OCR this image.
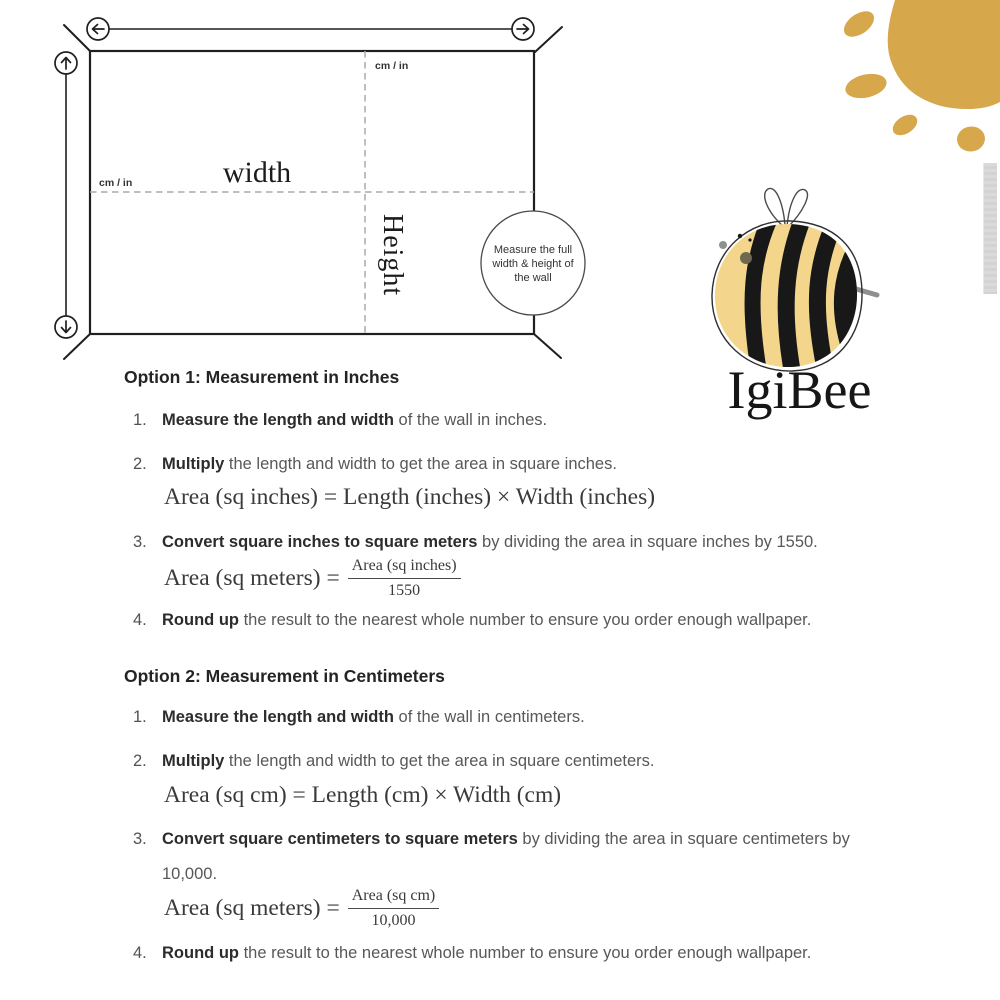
cm / in
cm / in	width
Height	Measure the full
width & height of
the wall
IgiBee
Option 1: Measurement in Inches
1. Measure the length and width of the wall in inches.
2. Multiply the length and width to get the area in square inches.
Area (sq inches) = Length (inches) × Width (inches)
3. Convert square inches to square meters by dividing the area in square inches by 1550.
Area (sq meters) = $\frac{\text{Area (sq inches)}}{1550}$
4. Round up the result to the nearest whole number to ensure you order enough wallpaper.
Option 2: Measurement in Centimeters
1. Measure the length and width of the wall in centimeters.
2. Multiply the length and width to get the area in square centimeters.
Area (sq cm) = Length (cm) × Width (cm)
3. Convert square centimeters to square meters by dividing the area in square centimeters by
10,000.
Area (sq meters) = $\frac{\text{Area (sq cm)}}{10,000}$
4. Round up the result to the nearest whole number to ensure you order enough wallpaper.
